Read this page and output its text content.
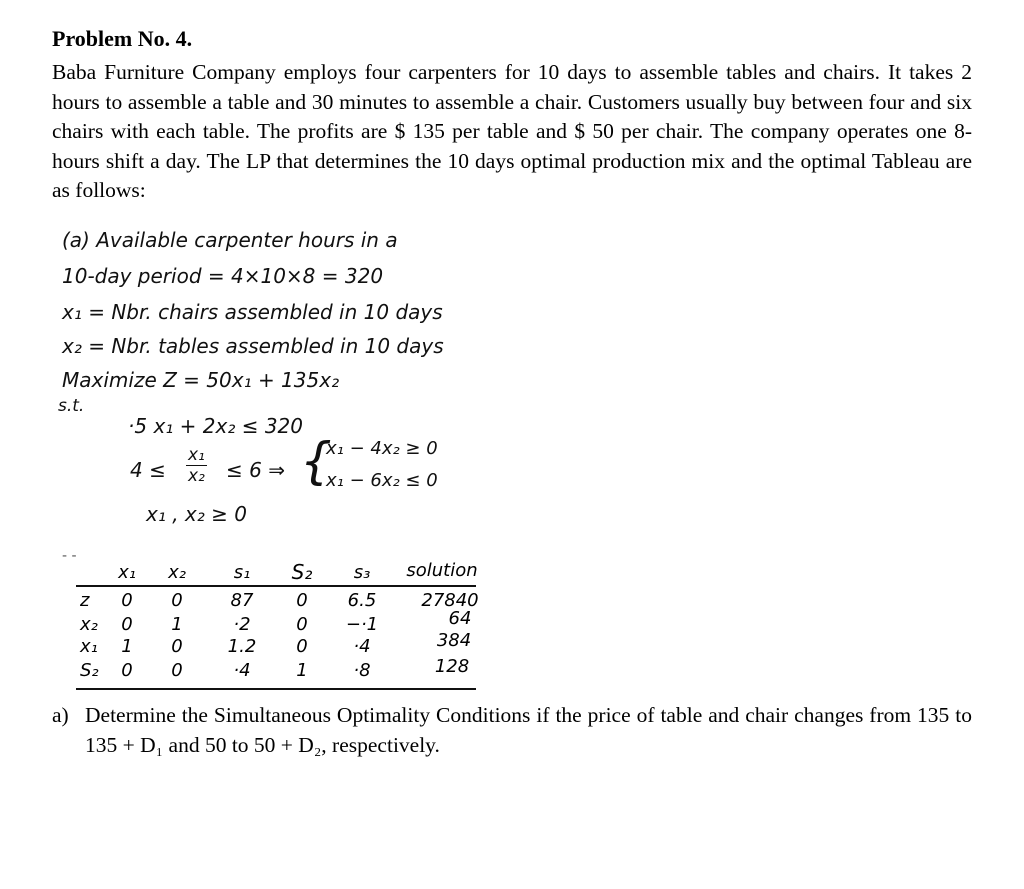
Problem No. 4.

Baba Furniture Company employs four carpenters for 10 days to assemble tables and chairs. It takes 2 hours to assemble a table and 30 minutes to assemble a chair. Customers usually buy between four and six chairs with each table. The profits are $ 135 per table and $ 50 per chair. The company operates one 8-hours shift a day. The LP that determines the 10 days optimal production mix and the optimal Tableau are as follows:

(a) Available carpenter hours in a
10-day period = 4×10×8 = 320
x₁ = Nbr. chairs assembled in 10 days
x₂ = Nbr. tables assembled in 10 days
Maximize Z = 50x₁ + 135x₂
s.t.
·5 x₁ + 2x₂ ≤ 320
$4 \le \frac{\text{x₁}}{\text{x₂}} \le 6$ ⇒ {
x₁ − 4x₂ ≥ 0
x₁ − 6x₂ ≤ 0
x₁ , x₂ ≥ 0
- -
x₁ x₂	s₁ S₂ s₃ solution
z 0 0	87 0 6.5	27840
x₂ 0 1	·2	0 −·1	64
x₁ 1 0 1.2 0	·4	384
S₂ 0 0	·4	1	·8	128
a) Determine the Simultaneous Optimality Conditions if the price of table and chair changes from 135 to 135 + D₁ and 50 to 50 + D₂, respectively.
